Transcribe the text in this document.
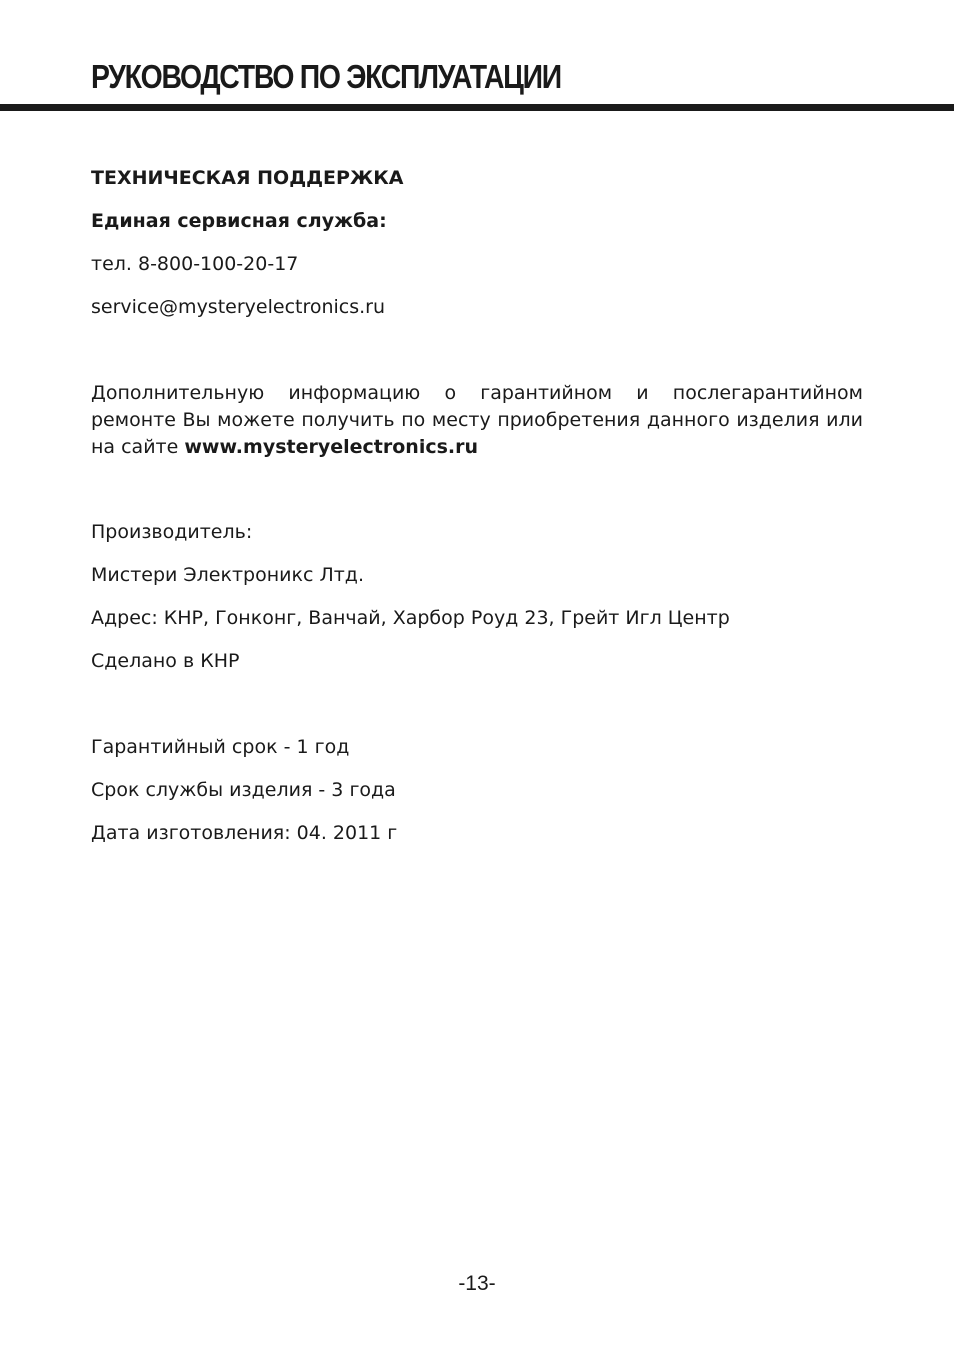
РУКОВОДСТВО ПО ЭКСПЛУАТАЦИИ
ТЕХНИЧЕСКАЯ ПОДДЕРЖКА
Единая сервисная служба:
тел. 8-800-100-20-17
service@mysteryelectronics.ru
Дополнительную информацию о гарантийном и послегарантийном ремонте Вы можете получить по месту приобретения данного изделия или на сайте www.mysteryelectronics.ru
Производитель:
Мистери Электроникс Лтд.
Адрес: КНР, Гонконг, Ванчай, Харбор Роуд 23, Грейт Игл Центр
Сделано в КНР
Гарантийный срок - 1 год
Срок службы изделия - 3 года
Дата изготовления: 04. 2011 г
-13-
